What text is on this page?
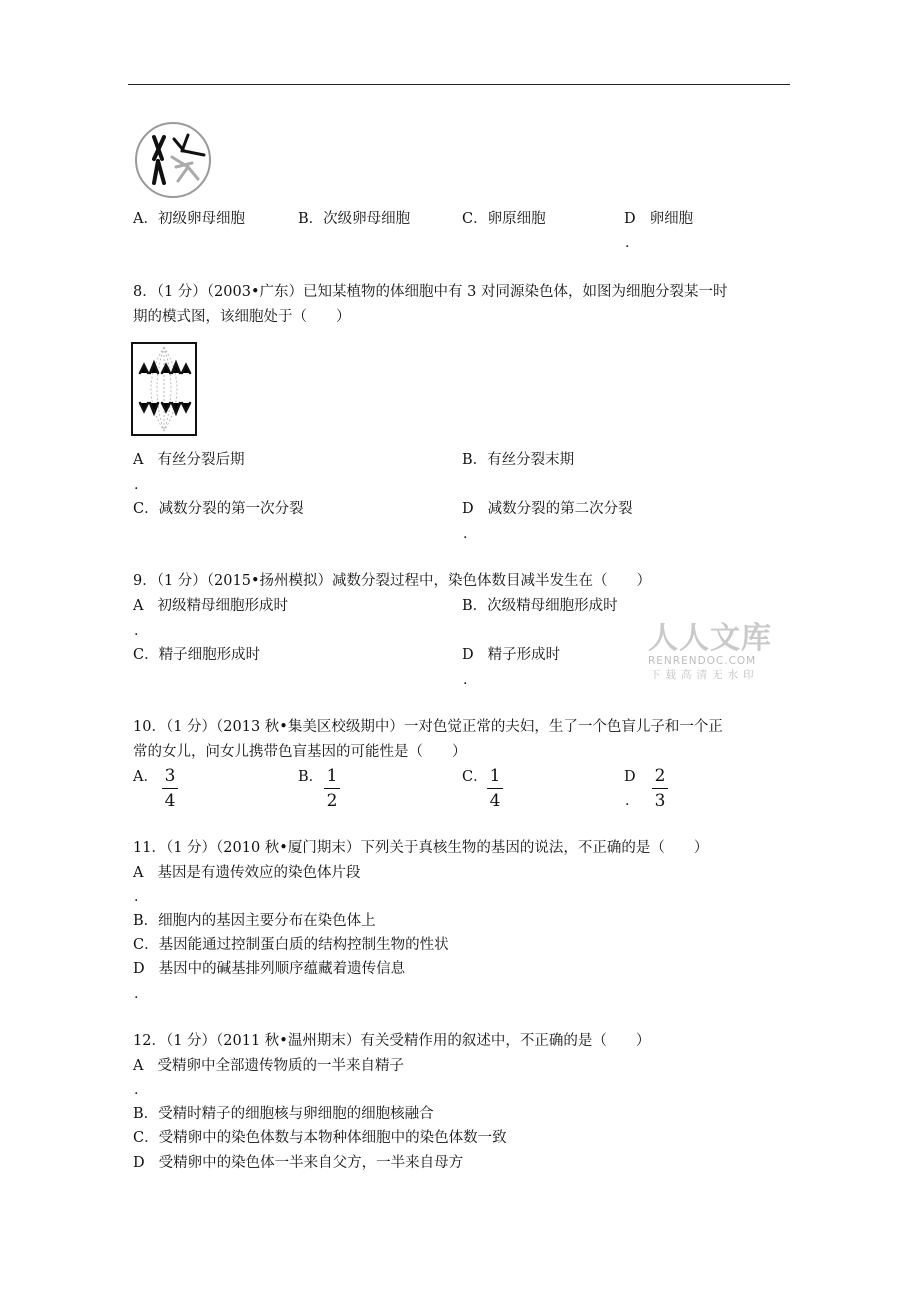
A．初级卵母细胞	B．次级卵母细胞	C．卵原细胞	D 卵细胞
.
8．（1 分）（2003•广东）已知某植物的体细胞中有 3 对同源染色体，如图为细胞分裂某一时
期的模式图，该细胞处于（　　）
A 有丝分裂后期
.
B．有丝分裂末期
C．减数分裂的第一次分裂	D 减数分裂的第二次分裂
.
9．（1 分）（2015•扬州模拟）减数分裂过程中，染色体数目减半发生在（　　）
A 初级精母细胞形成时
.
B．次级精母细胞形成时
C．精子细胞形成时	D 精子形成时
.
人人文库
RENRENDOC.COM
下载高清无水印
10．（1 分）（2013 秋•集美区校级期中）一对色觉正常的夫妇，生了一个色盲儿子和一个正
常的女儿，问女儿携带色盲基因的可能性是（　　）
A． 3
4
B． 1
2
C． 1
4
D
.
2
3
11．（1 分）（2010 秋•厦门期末）下列关于真核生物的基因的说法，不正确的是（　　）
A 基因是有遗传效应的染色体片段
.
B．细胞内的基因主要分布在染色体上
C．基因能通过控制蛋白质的结构控制生物的性状
D 基因中的碱基排列顺序蕴藏着遗传信息
.
12．（1 分）（2011 秋•温州期末）有关受精作用的叙述中，不正确的是（　　）
A 受精卵中全部遗传物质的一半来自精子
.
B．受精时精子的细胞核与卵细胞的细胞核融合
C．受精卵中的染色体数与本物种体细胞中的染色体数一致
D 受精卵中的染色体一半来自父方，一半来自母方
